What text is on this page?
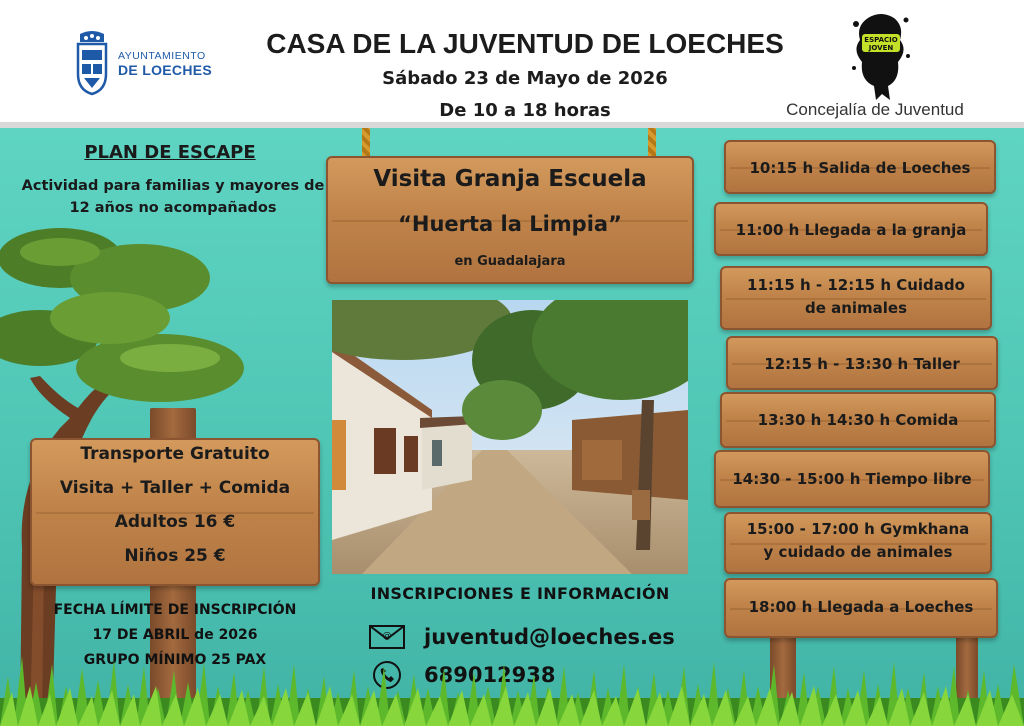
AYUNTAMIENTO
DE LOECHES
CASA DE LA JUVENTUD DE LOECHES
Sábado 23 de Mayo de 2026
De 10 a 18 horas
ESPACIO
JOVEN
Concejalía de Juventud
PLAN DE ESCAPE
Actividad para familias y mayores de 12 años no acompañados
Transporte Gratuito
Visita + Taller + Comida
Adultos 16 €
Niños 25 €
FECHA LÍMITE DE INSCRIPCIÓN
17 DE ABRIL de 2026
GRUPO MÍNIMO 25 PAX
Visita Granja Escuela
“Huerta la Limpia”
en Guadalajara
INSCRIPCIONES E INFORMACIÓN
@ juventud@loeches.es
689012938
10:15 h Salida de Loeches
11:00 h Llegada a la granja
11:15 h - 12:15 h Cuidado de animales
12:15 h - 13:30 h Taller
13:30 h 14:30 h Comida
14:30 - 15:00 h Tiempo libre
15:00 - 17:00 h Gymkhana y cuidado de animales
18:00 h Llegada a Loeches
